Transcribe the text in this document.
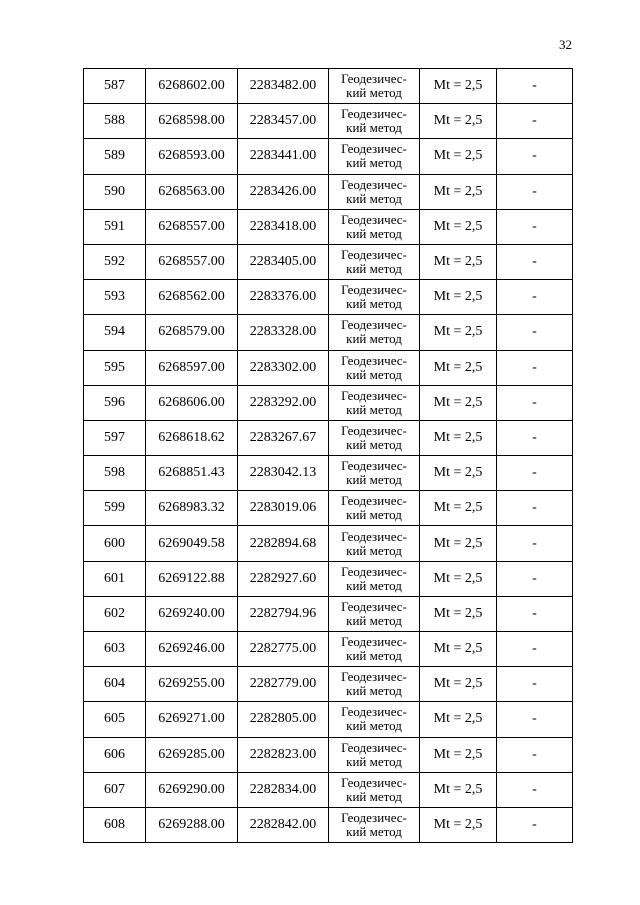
32
587	6268602.00	2283482.00	Геодезичес-
кий метод	Mt = 2,5	-
588	6268598.00	2283457.00	Геодезичес-
кий метод	Mt = 2,5	-
589	6268593.00	2283441.00	Геодезичес-
кий метод	Mt = 2,5	-
590	6268563.00	2283426.00	Геодезичес-
кий метод	Mt = 2,5	-
591	6268557.00	2283418.00	Геодезичес-
кий метод	Mt = 2,5	-
592	6268557.00	2283405.00	Геодезичес-
кий метод	Mt = 2,5	-
593	6268562.00	2283376.00	Геодезичес-
кий метод	Mt = 2,5	-
594	6268579.00	2283328.00	Геодезичес-
кий метод	Mt = 2,5	-
595	6268597.00	2283302.00	Геодезичес-
кий метод	Mt = 2,5	-
596	6268606.00	2283292.00	Геодезичес-
кий метод	Mt = 2,5	-
597	6268618.62	2283267.67	Геодезичес-
кий метод	Mt = 2,5	-
598	6268851.43	2283042.13	Геодезичес-
кий метод	Mt = 2,5	-
599	6268983.32	2283019.06	Геодезичес-
кий метод	Mt = 2,5	-
600	6269049.58	2282894.68	Геодезичес-
кий метод	Mt = 2,5	-
601	6269122.88	2282927.60	Геодезичес-
кий метод	Mt = 2,5	-
602	6269240.00	2282794.96	Геодезичес-
кий метод	Mt = 2,5	-
603	6269246.00	2282775.00	Геодезичес-
кий метод	Mt = 2,5	-
604	6269255.00	2282779.00	Геодезичес-
кий метод	Mt = 2,5	-
605	6269271.00	2282805.00	Геодезичес-
кий метод	Mt = 2,5	-
606	6269285.00	2282823.00	Геодезичес-
кий метод	Mt = 2,5	-
607	6269290.00	2282834.00	Геодезичес-
кий метод	Mt = 2,5	-
608	6269288.00	2282842.00	Геодезичес-
кий метод	Mt = 2,5	-
